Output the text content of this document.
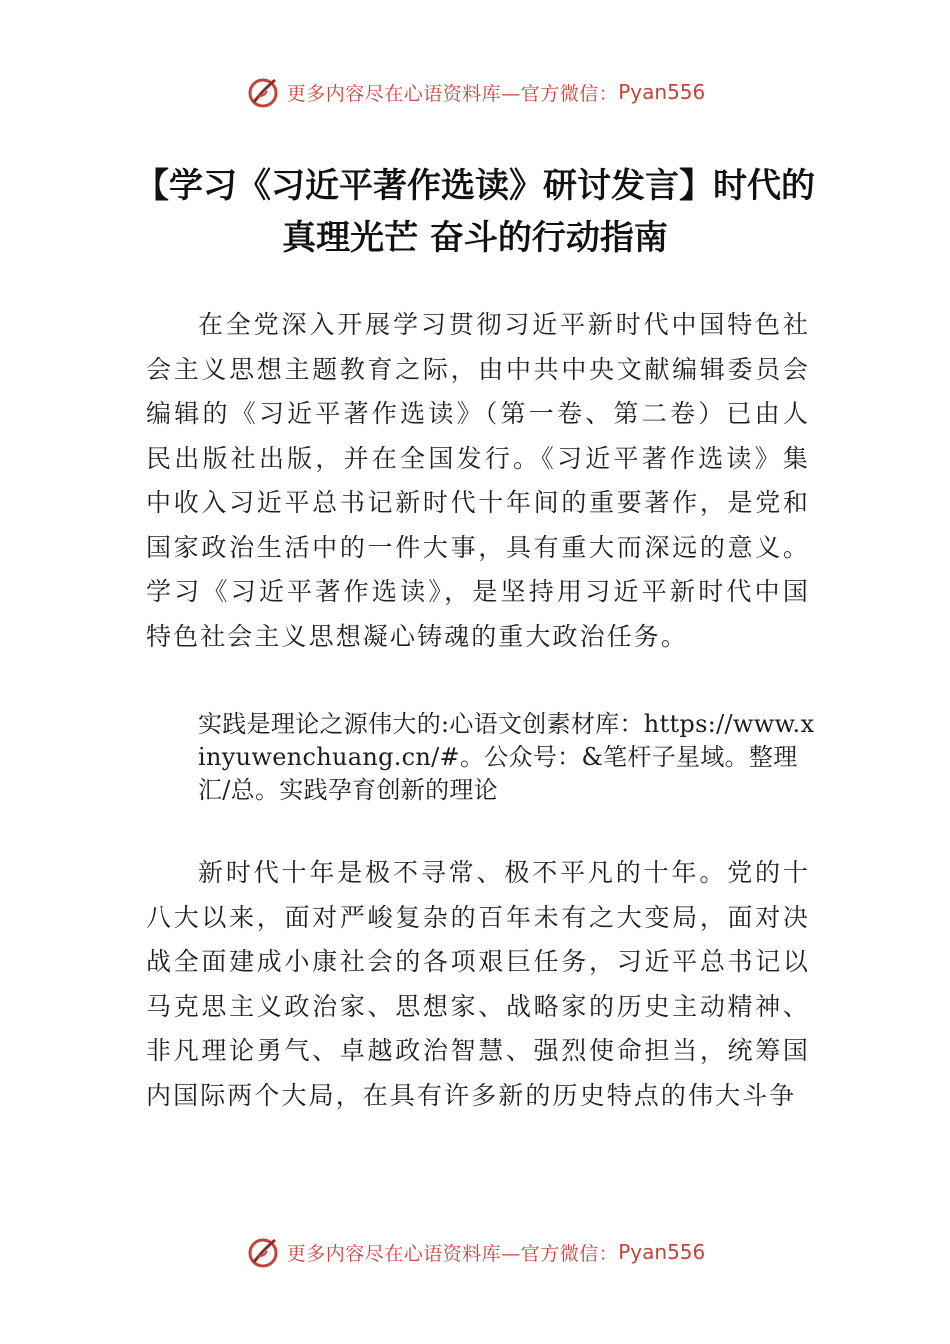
更多内容尽在心语资料库—官方微信： Pyan556
【学习《习近平著作选读》研讨发言】时代的真理光芒 奋斗的行动指南

在全党深入开展学习贯彻习近平新时代中国特色社会主义思想主题教育之际，由中共中央文献编辑委员会编辑的《习近平著作选读》（第一卷、第二卷）已由人民出版社出版，并在全国发行。《习近平著作选读》集中收入习近平总书记新时代十年间的重要著作，是党和国家政治生活中的一件大事，具有重大而深远的意义。学习《习近平著作选读》，是坚持用习近平新时代中国特色社会主义思想凝心铸魂的重大政治任务。

实践是理论之源伟大的:心语文创素材库：https://www.xinyuwenchuang.cn/#。公众号：&笔杆子星域。整理汇/总。实践孕育创新的理论

新时代十年是极不寻常、极不平凡的十年。党的十八大以来，面对严峻复杂的百年未有之大变局，面对决战全面建成小康社会的各项艰巨任务，习近平总书记以马克思主义政治家、思想家、战略家的历史主动精神、非凡理论勇气、卓越政治智慧、强烈使命担当，统筹国内国际两个大局，在具有许多新的历史特点的伟大斗争

更多内容尽在心语资料库—官方微信： Pyan556
